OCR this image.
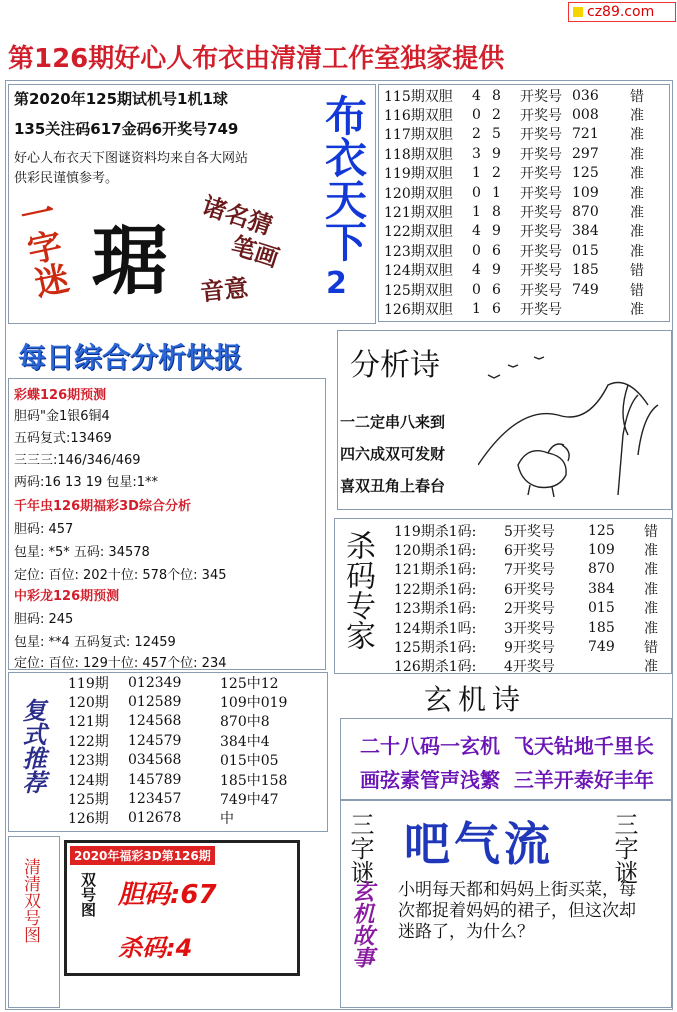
cz89.com
第126期好心人布衣由清清工作室独家提供
第2020年125期试机号1机1球
135关注码617金码6开奖号749
好心人布衣天下图谜资料均来自各大网站
供彩民谨慎参考。
一字迷 琚
诸名猜
笔画
音意
布衣天下
2
115期双胆	4 8	开奖号 036	错
116期双胆	0 2	开奖号 008	准
117期双胆	2 5	开奖号 721	准
118期双胆	3 9	开奖号 297	准
119期双胆	1 2	开奖号 125	准
120期双胆	0 1	开奖号 109	准
121期双胆	1 8	开奖号 870	准
122期双胆	4 9	开奖号 384	准
123期双胆	0 6	开奖号 015	准
124期双胆	4 9	开奖号 185	错
125期双胆	0 6	开奖号 749	错
126期双胆	1 6	开奖号	准
每日综合分析快报	分析诗
一二定串八来到
四六成双可发财
喜双丑角上春台
彩蝶126期预测
胆码"金1银6铜4
五码复式:13469
三三三:146/346/469
两码:16 13 19 包星:1**
千年虫126期福彩3D综合分析
胆码: 457
包星: *5* 五码: 34578
定位: 百位: 202十位: 578个位: 345
中彩龙126期预测
胆码: 245
包星: **4 五码复式: 12459
定位: 百位: 129十位: 457个位: 234
杀码专家 119期杀1码:	5开奖号	125	错
120期杀1码:	6开奖号	109	准
121期杀1码:	7开奖号	870	准
122期杀1码:	6开奖号	384	准
123期杀1码:	2开奖号	015	准
124期杀1吗:	3开奖号	185	准
125期杀1码:	9开奖号	749	错
126期杀1码:	4开奖号	准
复式推荐
119期	012349	125中12
120期	012589	109中019
121期	124568	870中8
122期	124579	384中4
123期	034568	015中05
124期	145789	185中158
125期	123457	749中47
126期	012678	中
玄机诗
二十八码一玄机  飞天钻地千里长
画弦素管声浅繁  三羊开泰好丰年
清清双号图
2020年福彩3D第126期
双号图 胆码:67
杀码:4
三字谜 吧气流 三字谜
玄机故事 小明每天都和妈妈上街买菜，每次都捉着妈妈的裙子，但这次却迷路了，为什么？
